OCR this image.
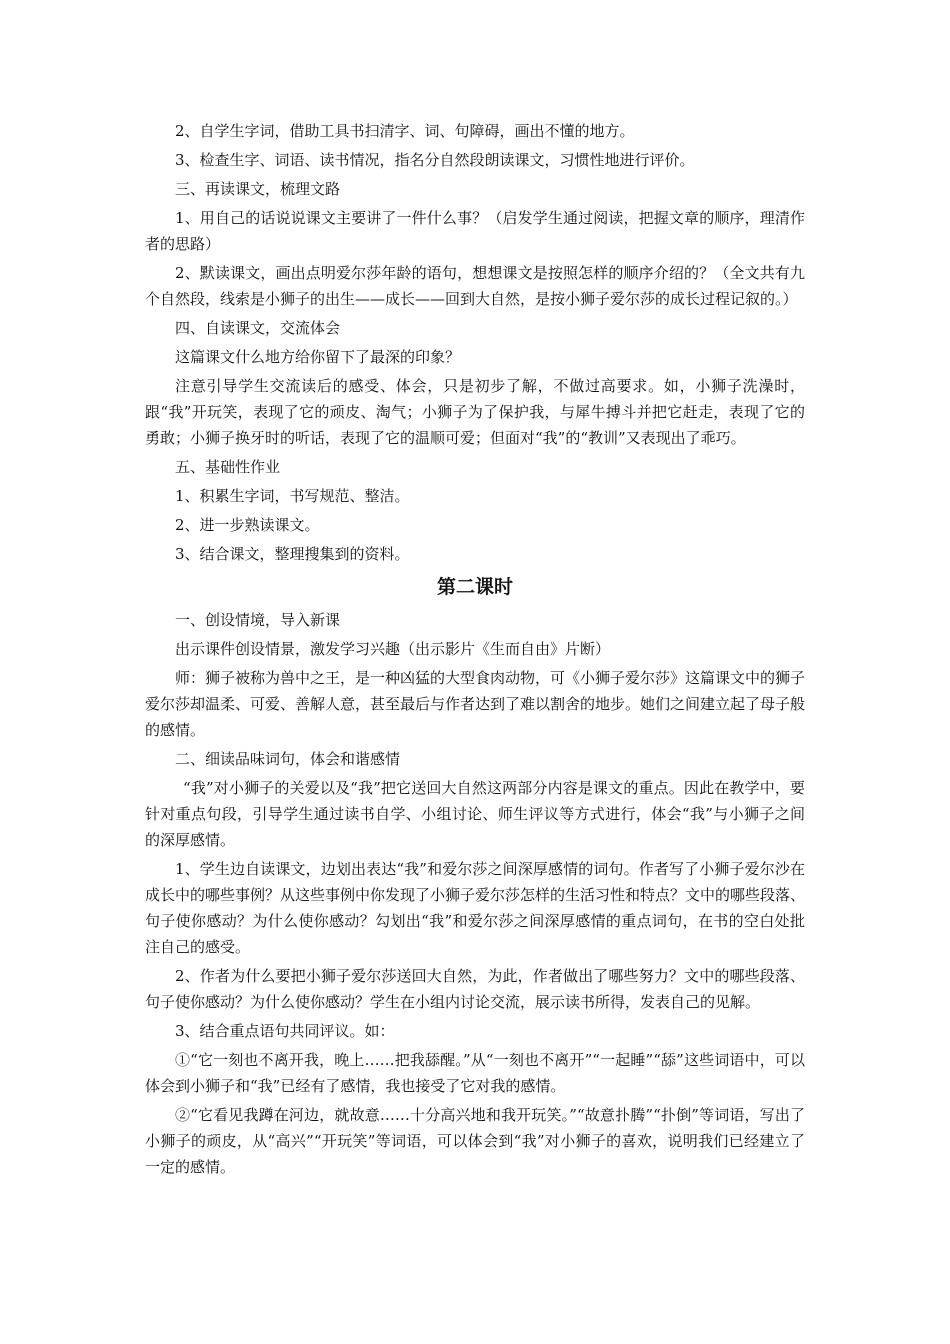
2、自学生字词，借助工具书扫清字、词、句障碍，画出不懂的地方。

3、检查生字、词语、读书情况，指名分自然段朗读课文，习惯性地进行评价。

三、再读课文，梳理文路

1、用自己的话说说课文主要讲了一件什么事？（启发学生通过阅读，把握文章的顺序，理清作者的思路）

2、默读课文，画出点明爱尔莎年龄的语句，想想课文是按照怎样的顺序介绍的？（全文共有九个自然段，线索是小狮子的出生——成长——回到大自然，是按小狮子爱尔莎的成长过程记叙的。）

四、自读课文，交流体会

这篇课文什么地方给你留下了最深的印象？

注意引导学生交流读后的感受、体会，只是初步了解，不做过高要求。如，小狮子洗澡时，跟“我”开玩笑，表现了它的顽皮、淘气；小狮子为了保护我，与犀牛搏斗并把它赶走，表现了它的勇敢；小狮子换牙时的听话，表现了它的温顺可爱；但面对“我”的“教训”又表现出了乖巧。

五、基础性作业

1、积累生字词，书写规范、整洁。

2、进一步熟读课文。

3、结合课文，整理搜集到的资料。

第二课时

一、创设情境，导入新课

出示课件创设情景，激发学习兴趣（出示影片《生而自由》片断）

师：狮子被称为兽中之王，是一种凶猛的大型食肉动物，可《小狮子爱尔莎》这篇课文中的狮子爱尔莎却温柔、可爱、善解人意，甚至最后与作者达到了难以割舍的地步。她们之间建立起了母子般的感情。

二、细读品味词句，体会和谐感情

“我”对小狮子的关爱以及“我”把它送回大自然这两部分内容是课文的重点。因此在教学中，要针对重点句段，引导学生通过读书自学、小组讨论、师生评议等方式进行，体会“我”与小狮子之间的深厚感情。

1、学生边自读课文，边划出表达“我”和爱尔莎之间深厚感情的词句。作者写了小狮子爱尔沙在成长中的哪些事例？从这些事例中你发现了小狮子爱尔莎怎样的生活习性和特点？文中的哪些段落、句子使你感动？为什么使你感动？勾划出“我”和爱尔莎之间深厚感情的重点词句，在书的空白处批注自己的感受。

2、作者为什么要把小狮子爱尔莎送回大自然，为此，作者做出了哪些努力？文中的哪些段落、句子使你感动？为什么使你感动？学生在小组内讨论交流，展示读书所得，发表自己的见解。

3、结合重点语句共同评议。如：

①“它一刻也不离开我，晚上……把我舔醒。”从“一刻也不离开”“一起睡”“舔”这些词语中，可以体会到小狮子和“我”已经有了感情，我也接受了它对我的感情。

②“它看见我蹲在河边，就故意……十分高兴地和我开玩笑。”“故意扑腾”“扑倒”等词语，写出了小狮子的顽皮，从“高兴”“开玩笑”等词语，可以体会到“我”对小狮子的喜欢，说明我们已经建立了一定的感情。
